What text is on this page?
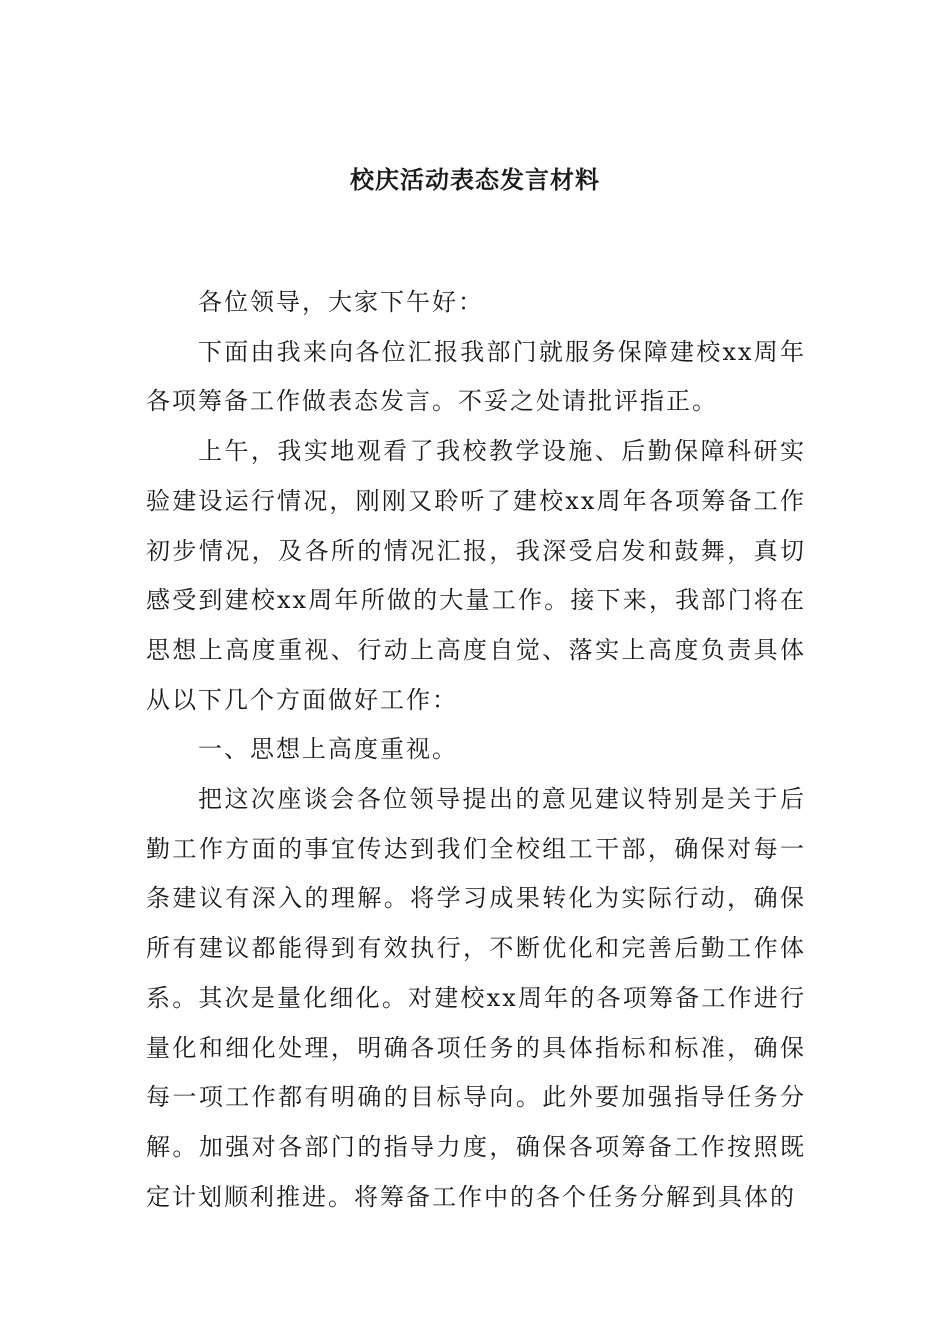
校庆活动表态发言材料

各位领导，大家下午好：

下面由我来向各位汇报我部门就服务保障建校xx周年各项筹备工作做表态发言。不妥之处请批评指正。

上午，我实地观看了我校教学设施、后勤保障科研实验建设运行情况，刚刚又聆听了建校xx周年各项筹备工作初步情况，及各所的情况汇报，我深受启发和鼓舞，真切感受到建校xx周年所做的大量工作。接下来，我部门将在思想上高度重视、行动上高度自觉、落实上高度负责具体从以下几个方面做好工作：

一、思想上高度重视。

把这次座谈会各位领导提出的意见建议特别是关于后勤工作方面的事宜传达到我们全校组工干部，确保对每一条建议有深入的理解。将学习成果转化为实际行动，确保所有建议都能得到有效执行，不断优化和完善后勤工作体系。其次是量化细化。对建校xx周年的各项筹备工作进行量化和细化处理，明确各项任务的具体指标和标准，确保每一项工作都有明确的目标导向。此外要加强指导任务分解。加强对各部门的指导力度，确保各项筹备工作按照既定计划顺利推进。将筹备工作中的各个任务分解到具体的
